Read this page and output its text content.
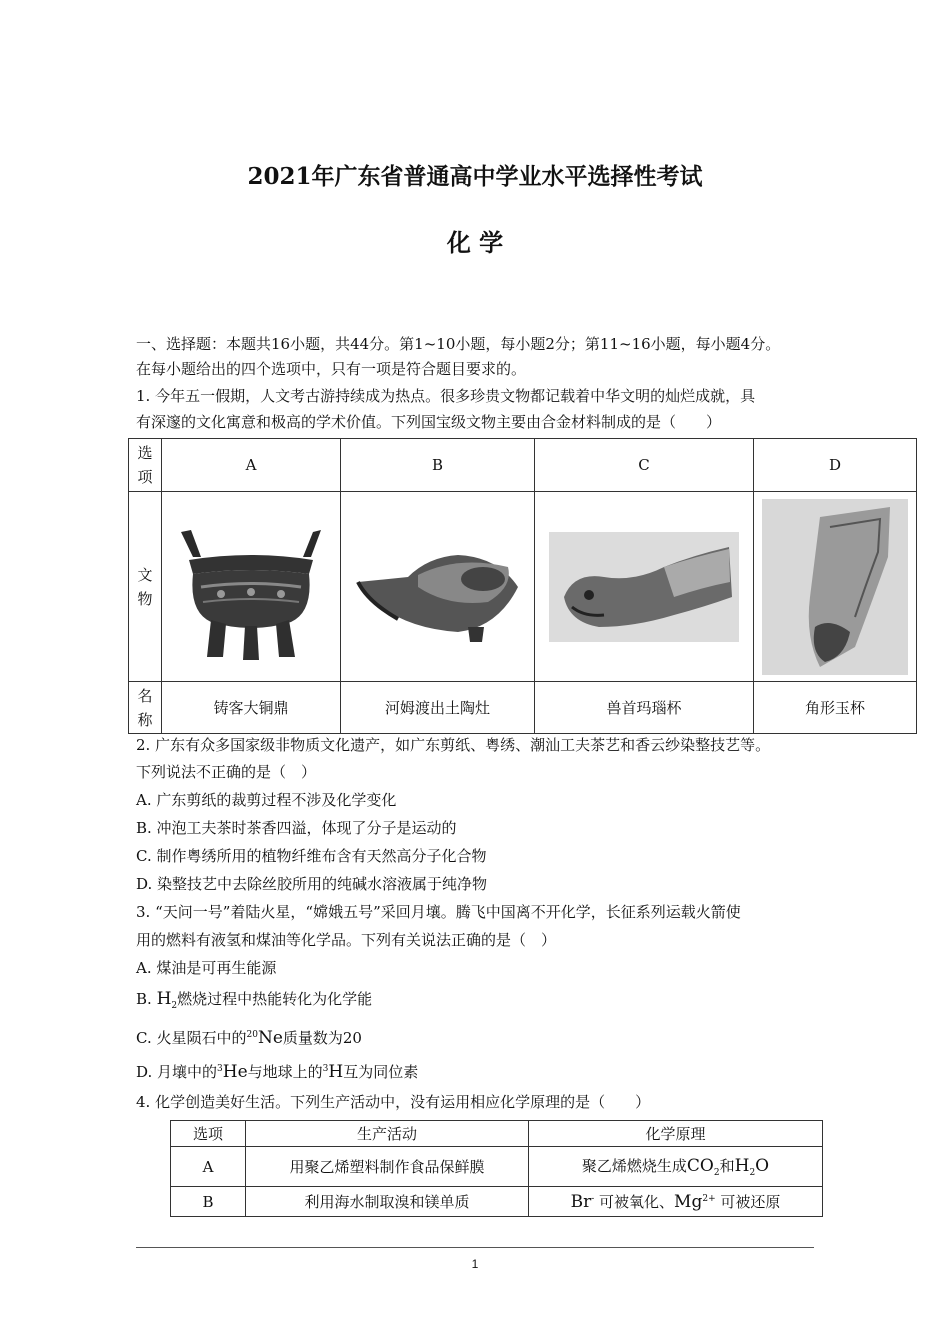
2021年广东省普通高中学业水平选择性考试
化 学
一、选择题：本题共16小题，共44分。第1~10小题，每小题2分；第11~16小题，每小题4分。
在每小题给出的四个选项中，只有一项是符合题目要求的。
1. 今年五一假期，人文考古游持续成为热点。很多珍贵文物都记载着中华文明的灿烂成就，具
有深邃的文化寓意和极高的学术价值。下列国宝级文物主要由合金材料制成的是（　　）
选
项	A	B	C	D

文
物

名
称	铸客大铜鼎	河姆渡出土陶灶	兽首玛瑙杯	角形玉杯
2. 广东有众多国家级非物质文化遗产，如广东剪纸、粤绣、潮汕工夫茶艺和香云纱染整技艺等。
下列说法不正确的是（　）
A. 广东剪纸的裁剪过程不涉及化学变化
B. 冲泡工夫茶时茶香四溢，体现了分子是运动的
C. 制作粤绣所用的植物纤维布含有天然高分子化合物
D. 染整技艺中去除丝胶所用的纯碱水溶液属于纯净物
3. “天问一号”着陆火星，“嫦娥五号”采回月壤。腾飞中国离不开化学，长征系列运载火箭使
用的燃料有液氢和煤油等化学品。下列有关说法正确的是（　）
A. 煤油是可再生能源
B. $H_2$燃烧过程中热能转化为化学能
C. 火星陨石中的$^{20}$Ne质量数为20
D. 月壤中的$^3$He与地球上的$^3$H互为同位素
4. 化学创造美好生活。下列生产活动中，没有运用相应化学原理的是（　　）
选项	生产活动	化学原理
A	用聚乙烯塑料制作食品保鲜膜	聚乙烯燃烧生成$CO_2$和$H_2O$
B	利用海水制取溴和镁单质	Br- 可被氧化、$Mg^{2+}$ 可被还原
1
